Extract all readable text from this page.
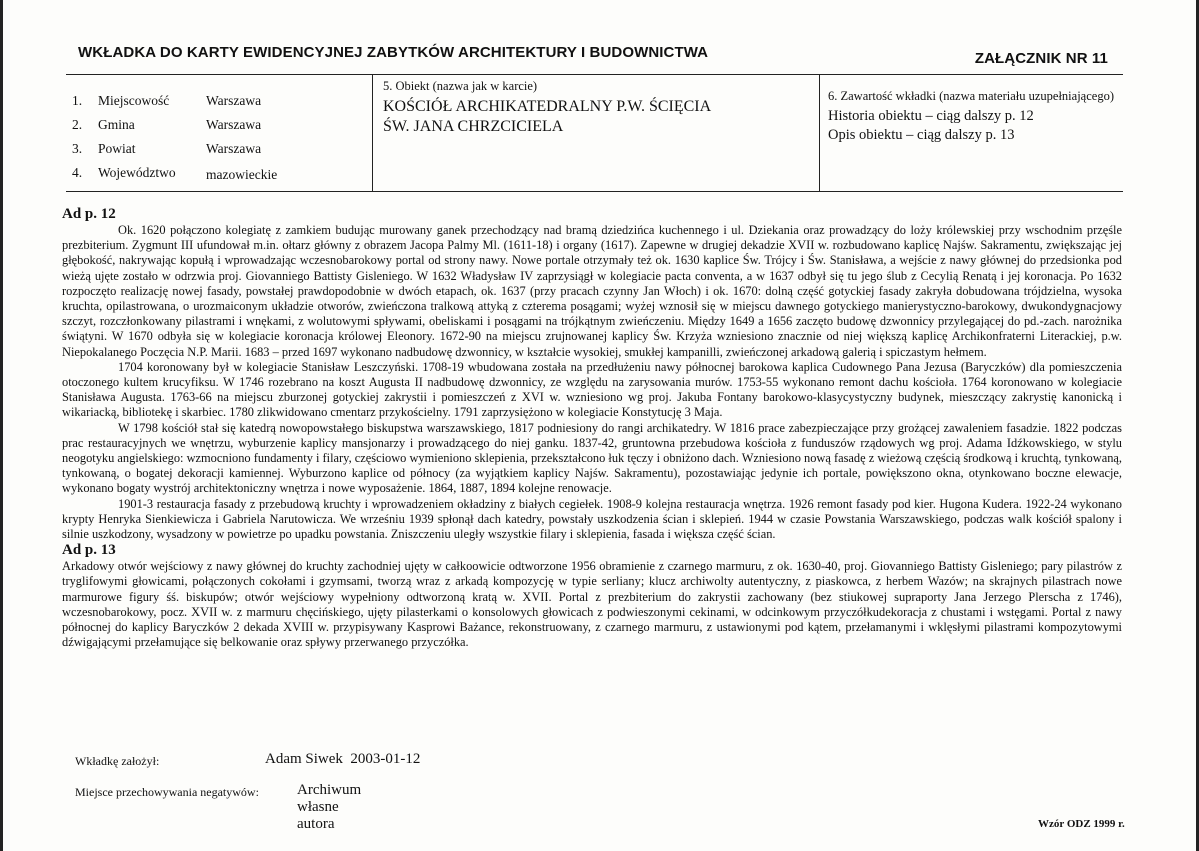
WKŁADKA DO KARTY EWIDENCYJNEJ ZABYTKÓW ARCHITEKTURY I BUDOWNICTWA	ZAŁĄCZNIK NR 11
1.	Miejscowość	Warszawa
2.	Gmina	Warszawa
3.	Powiat	Warszawa
4.	Województwo mazowieckie
5. Obiekt (nazwa jak w karcie)
KOŚCIÓŁ ARCHIKATEDRALNY P.W. ŚCIĘCIA
ŚW. JANA CHRZCICIELA
6. Zawartość wkładki (nazwa materiału uzupełniającego)
Historia obiektu – ciąg dalszy p. 12
Opis obiektu – ciąg dalszy p. 13
Ad p. 12

Ok. 1620 połączono kolegiatę z zamkiem budując murowany ganek przechodzący nad bramą dziedzińca kuchennego i ul. Dziekania oraz prowadzący do loży królewskiej przy wschodnim przęśle prezbiterium. Zygmunt III ufundował m.in. ołtarz główny z obrazem Jacopa Palmy Ml. (1611-18) i organy (1617). Zapewne w drugiej dekadzie XVII w. rozbudowano kaplicę Najśw. Sakramentu, zwiększając jej głębokość, nakrywając kopułą i wprowadzając wczesnobarokowy portal od strony nawy. Nowe portale otrzymały też ok. 1630 kaplice Św. Trójcy i Św. Stanisława, a wejście z nawy głównej do przedsionka pod wieżą ujęte zostało w odrzwia proj. Giovanniego Battisty Gisleniego. W 1632 Władysław IV zaprzysiągł w kolegiacie pacta conventa, a w 1637 odbył się tu jego ślub z Cecylią Renatą i jej koronacja. Po 1632 rozpoczęto realizację nowej fasady, powstałej prawdopodobnie w dwóch etapach, ok. 1637 (przy pracach czynny Jan Włoch) i ok. 1670: dolną część gotyckiej fasady zakryła dobudowana trójdzielna, wysoka kruchta, opilastrowana, o urozmaiconym układzie otworów, zwieńczona tralkową attyką z czterema posągami; wyżej wznosił się w miejscu dawnego gotyckiego manierystyczno-barokowy, dwukondygnacjowy szczyt, rozczłonkowany pilastrami i wnękami, z wolutowymi spływami, obeliskami i posągami na trójkątnym zwieńczeniu. Między 1649 a 1656 zaczęto budowę dzwonnicy przylegającej do pd.-zach. narożnika świątyni. W 1670 odbyła się w kolegiacie koronacja królowej Eleonory. 1672-90 na miejscu zrujnowanej kaplicy Św. Krzyża wzniesiono znacznie od niej większą kaplicę Archikonfraterni Literackiej, p.w. Niepokalanego Poczęcia N.P. Marii. 1683 – przed 1697 wykonano nadbudowę dzwonnicy, w kształcie wysokiej, smukłej kampanilli, zwieńczonej arkadową galerią i spiczastym hełmem.

1704 koronowany był w kolegiacie Stanisław Leszczyński. 1708-19 wbudowana została na przedłużeniu nawy północnej barokowa kaplica Cudownego Pana Jezusa (Baryczków) dla pomieszczenia otoczonego kultem krucyfiksu. W 1746 rozebrano na koszt Augusta II nadbudowę dzwonnicy, ze względu na zarysowania murów. 1753-55 wykonano remont dachu kościoła. 1764 koronowano w kolegiacie Stanisława Augusta. 1763-66 na miejscu zburzonej gotyckiej zakrystii i pomieszczeń z XVI w. wzniesiono wg proj. Jakuba Fontany barokowo-klasycystyczny budynek, mieszczący zakrystię kanonicką i wikariacką, bibliotekę i skarbiec. 1780 zlikwidowano cmentarz przykościelny. 1791 zaprzysiężono w kolegiacie Konstytucję 3 Maja.

W 1798 kościół stał się katedrą nowopowstałego biskupstwa warszawskiego, 1817 podniesiony do rangi archikatedry. W 1816 prace zabezpieczające przy grożącej zawaleniem fasadzie. 1822 podczas prac restauracyjnych we wnętrzu, wyburzenie kaplicy mansjonarzy i prowadzącego do niej ganku. 1837-42, gruntowna przebudowa kościoła z funduszów rządowych wg proj. Adama Idźkowskiego, w stylu neogotyku angielskiego: wzmocniono fundamenty i filary, częściowo wymieniono sklepienia, przekształcono łuk tęczy i obniżono dach. Wzniesiono nową fasadę z wieżową częścią środkową i kruchtą, tynkowaną, tynkowaną, o bogatej dekoracji kamiennej. Wyburzono kaplice od północy (za wyjątkiem kaplicy Najśw. Sakramentu), pozostawiając jedynie ich portale, powiększono okna, otynkowano boczne elewacje, wykonano bogaty wystrój architektoniczny wnętrza i nowe wyposażenie. 1864, 1887, 1894 kolejne renowacje.

1901-3 restauracja fasady z przebudową kruchty i wprowadzeniem okładziny z białych cegiełek. 1908-9 kolejna restauracja wnętrza. 1926 remont fasady pod kier. Hugona Kudera. 1922-24 wykonano krypty Henryka Sienkiewicza i Gabriela Narutowicza. We wrześniu 1939 spłonął dach katedry, powstały uszkodzenia ścian i sklepień. 1944 w czasie Powstania Warszawskiego, podczas walk kościół spalony i silnie uszkodzony, wysadzony w powietrze po upadku powstania. Zniszczeniu uległy wszystkie filary i sklepienia, fasada i większa część ścian.

Ad p. 13

Arkadowy otwór wejściowy z nawy głównej do kruchty zachodniej ujęty w całkoowicie odtworzone 1956 obramienie z czarnego marmuru, z ok. 1630-40, proj. Giovanniego Battisty Gisleniego; pary pilastrów z tryglifowymi głowicami, połączonych cokołami i gzymsami, tworzą wraz z arkadą kompozycję w typie serliany; klucz archiwolty autentyczny, z piaskowca, z herbem Wazów; na skrajnych pilastrach nowe marmurowe figury śś. biskupów; otwór wejściowy wypełniony odtworzoną kratą w. XVII. Portal z prezbiterium do zakrystii zachowany (bez stiukowej supraporty Jana Jerzego Plerscha z 1746), wczesnobarokowy, pocz. XVII w. z marmuru chęcińskiego, ujęty pilasterkami o konsolowych głowicach z podwieszonymi cekinami, w odcinkowym przyczółkudekoracja z chustami i wstęgami. Portal z nawy północnej do kaplicy Baryczków 2 dekada XVIII w. przypisywany Kasprowi Bażance, rekonstruowany, z czarnego marmuru, z ustawionymi pod kątem, przełamanymi i wklęsłymi pilastrami kompozytowymi dźwigającymi przełamujące się belkowanie oraz spływy przerwanego przyczółka.

Wkładkę założył:	Adam Siwek  2003-01-12
Miejsce przechowywania negatywów:	Archiwum własne autora	Wzór ODZ 1999 r.
